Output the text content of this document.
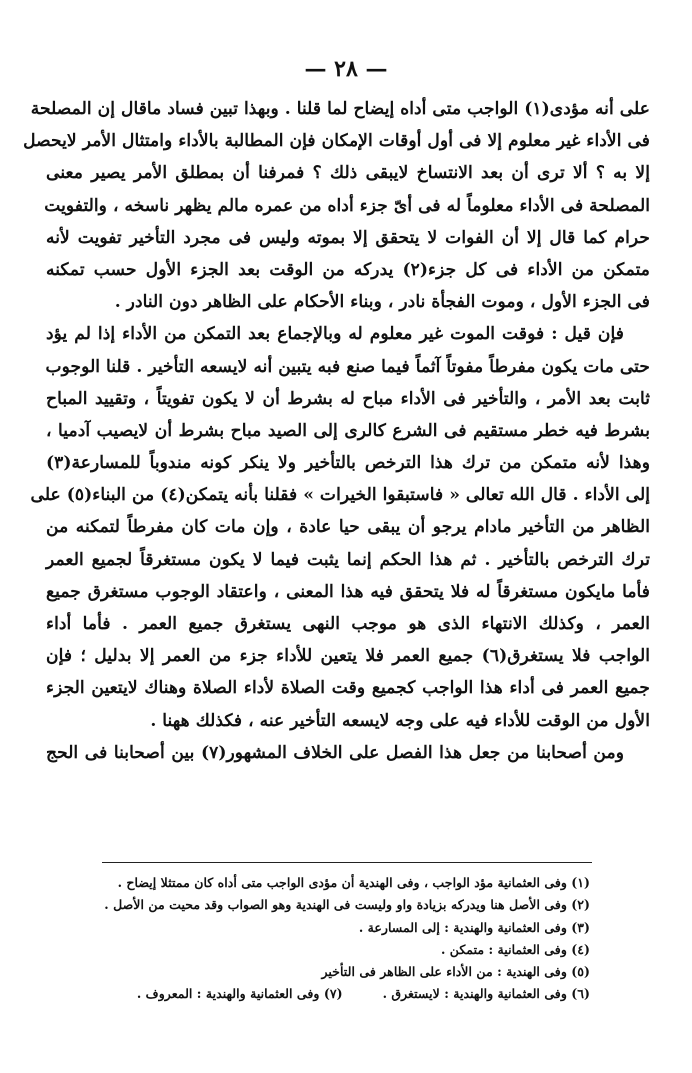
— ٢٨ —
على أنه مؤدى(١) الواجب متى أداه إيضاح لما قلنا . وبهذا تبين فساد ماقال إن المصلحة
فى الأداء غير معلوم إلا فى أول أوقات الإمكان فإن المطالبة بالأداء وامتثال الأمر لايحصل
إلا به ؟ ألا ترى أن بعد الانتساخ لايبقى ذلك ؟ فمرفنا أن بمطلق الأمر يصير معنى
المصلحة فى الأداء معلوماً له فى أىّ جزء أداه من عمره مالم يظهر ناسخه ، والتفويت
حرام كما قال إلا أن الفوات لا يتحقق إلا بموته وليس فى مجرد التأخير تفويت لأنه
متمكن من الأداء فى كل جزء(٢) يدركه من الوقت بعد الجزء الأول حسب تمكنه
فى الجزء الأول ، وموت الفجأة نادر ، وبناء الأحكام على الظاهر دون النادر .
فإن قيل : فوقت الموت غير معلوم له وبالإجماع بعد التمكن من الأداء إذا لم يؤد
حتى مات يكون مفرطاً مفوتاً آثماً فيما صنع فبه يتبين أنه لايسعه التأخير . قلنا الوجوب
ثابت بعد الأمر ، والتأخير فى الأداء مباح له بشرط أن لا يكون تفويتاً ، وتقييد المباح
بشرط فيه خطر مستقيم فى الشرع كالرى إلى الصيد مباح بشرط أن لايصيب آدميا ،
وهذا لأنه متمكن من ترك هذا الترخص بالتأخير ولا ينكر كونه مندوباً للمسارعة(٣)
إلى الأداء . قال الله تعالى « فاستبقوا الخيرات » فقلنا بأنه يتمكن(٤) من البناء(٥) على
الظاهر من التأخير مادام يرجو أن يبقى حيا عادة ، وإن مات كان مفرطاً لتمكنه من
ترك الترخص بالتأخير . ثم هذا الحكم إنما يثبت فيما لا يكون مستغرقاً لجميع العمر
فأما مايكون مستغرقاً له فلا يتحقق فيه هذا المعنى ، واعتقاد الوجوب مستغرق جميع
العمر ، وكذلك الانتهاء الذى هو موجب النهى يستغرق جميع العمر . فأما أداء
الواجب فلا يستغرق(٦) جميع العمر فلا يتعين للأداء جزء من العمر إلا بدليل ؛ فإن
جميع العمر فى أداء هذا الواجب كجميع وقت الصلاة لأداء الصلاة وهناك لايتعين الجزء
الأول من الوقت للأداء فيه على وجه لايسعه التأخير عنه ، فكذلك ههنا .
ومن أصحابنا من جعل هذا الفصل على الخلاف المشهور(٧) بين أصحابنا فى الحج
(١) وفى العثمانية مؤد الواجب ، وفى الهندية أن مؤدى الواجب متى أداه كان ممتثلا إيضاح .
(٢) وفى الأصل هنا ويدركه بزيادة واو وليست فى الهندية وهو الصواب وقد محيت من الأصل .
(٣) وفى العثمانية والهندية : إلى المسارعة .
(٤) وفى العثمانية : متمكن .
(٥) وفى الهندية : من الأداء على الظاهر فى التأخير
(٦) وفى العثمانية والهندية : لايستغرق .
(٧) وفى العثمانية والهندية : المعروف .
